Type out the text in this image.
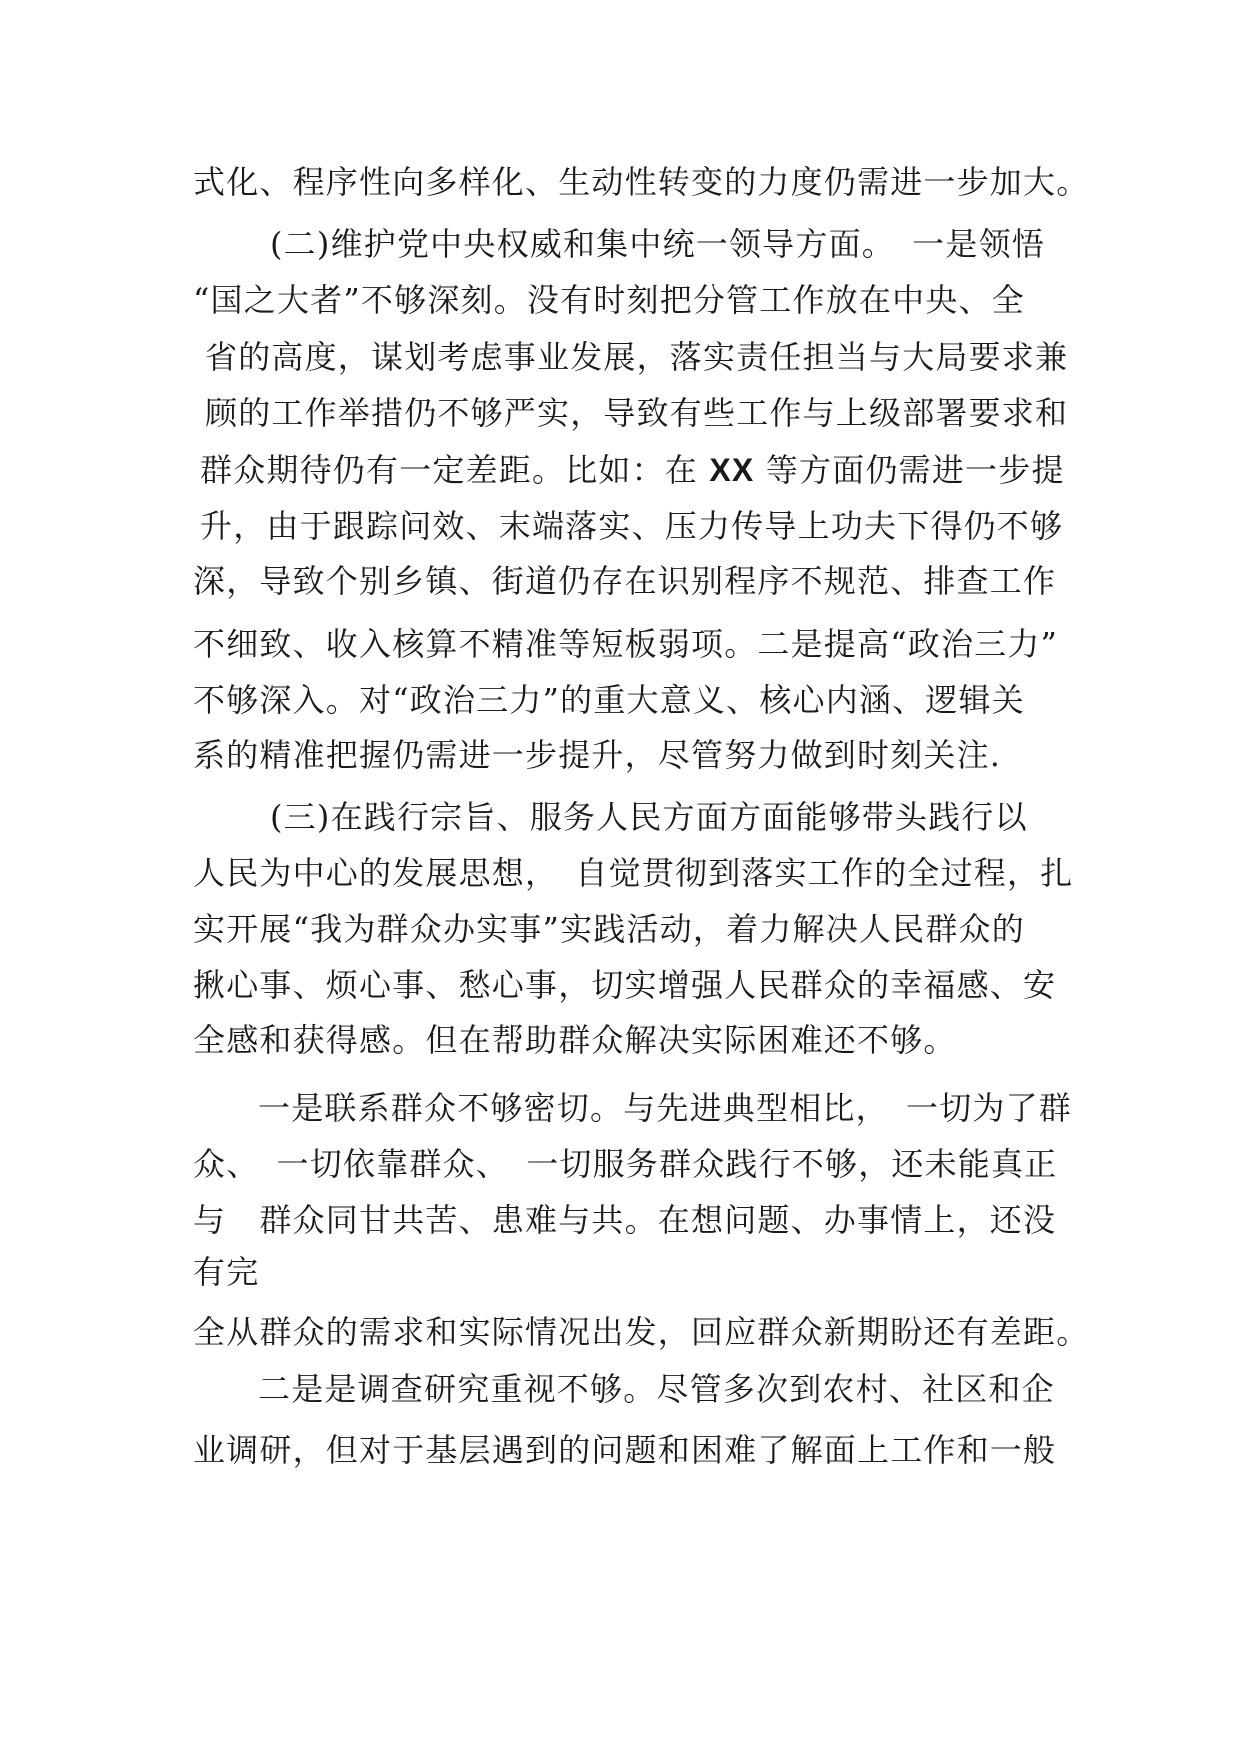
式化、程序性向多样化、生动性转变的力度仍需进一步加大。
(二)维护党中央权威和集中统一领导方面。　一是领悟
“国之大者”不够深刻。没有时刻把分管工作放在中央、全
省的高度，谋划考虑事业发展，落实责任担当与大局要求兼
顾的工作举措仍不够严实，导致有些工作与上级部署要求和
群众期待仍有一定差距。比如：在 XX 等方面仍需进一步提
升，由于跟踪问效、末端落实、压力传导上功夫下得仍不够
深，导致个别乡镇、街道仍存在识别程序不规范、排查工作
不细致、收入核算不精准等短板弱项。二是提高“政治三力”
不够深入。对“政治三力”的重大意义、核心内涵、逻辑关
系的精准把握仍需进一步提升，尽管努力做到时刻关注.
(三)在践行宗旨、服务人民方面方面能够带头践行以
人民为中心的发展思想，　自觉贯彻到落实工作的全过程，扎
实开展“我为群众办实事”实践活动，着力解决人民群众的
揪心事、烦心事、愁心事，切实增强人民群众的幸福感、安
全感和获得感。但在帮助群众解决实际困难还不够。
一是联系群众不够密切。与先进典型相比，　一切为了群
众、　一切依靠群众、　一切服务群众践行不够，还未能真正
与　群众同甘共苦、患难与共。在想问题、办事情上，还没
有完
全从群众的需求和实际情况出发，回应群众新期盼还有差距。
二是是调查研究重视不够。尽管多次到农村、社区和企
业调研，但对于基层遇到的问题和困难了解面上工作和一般
